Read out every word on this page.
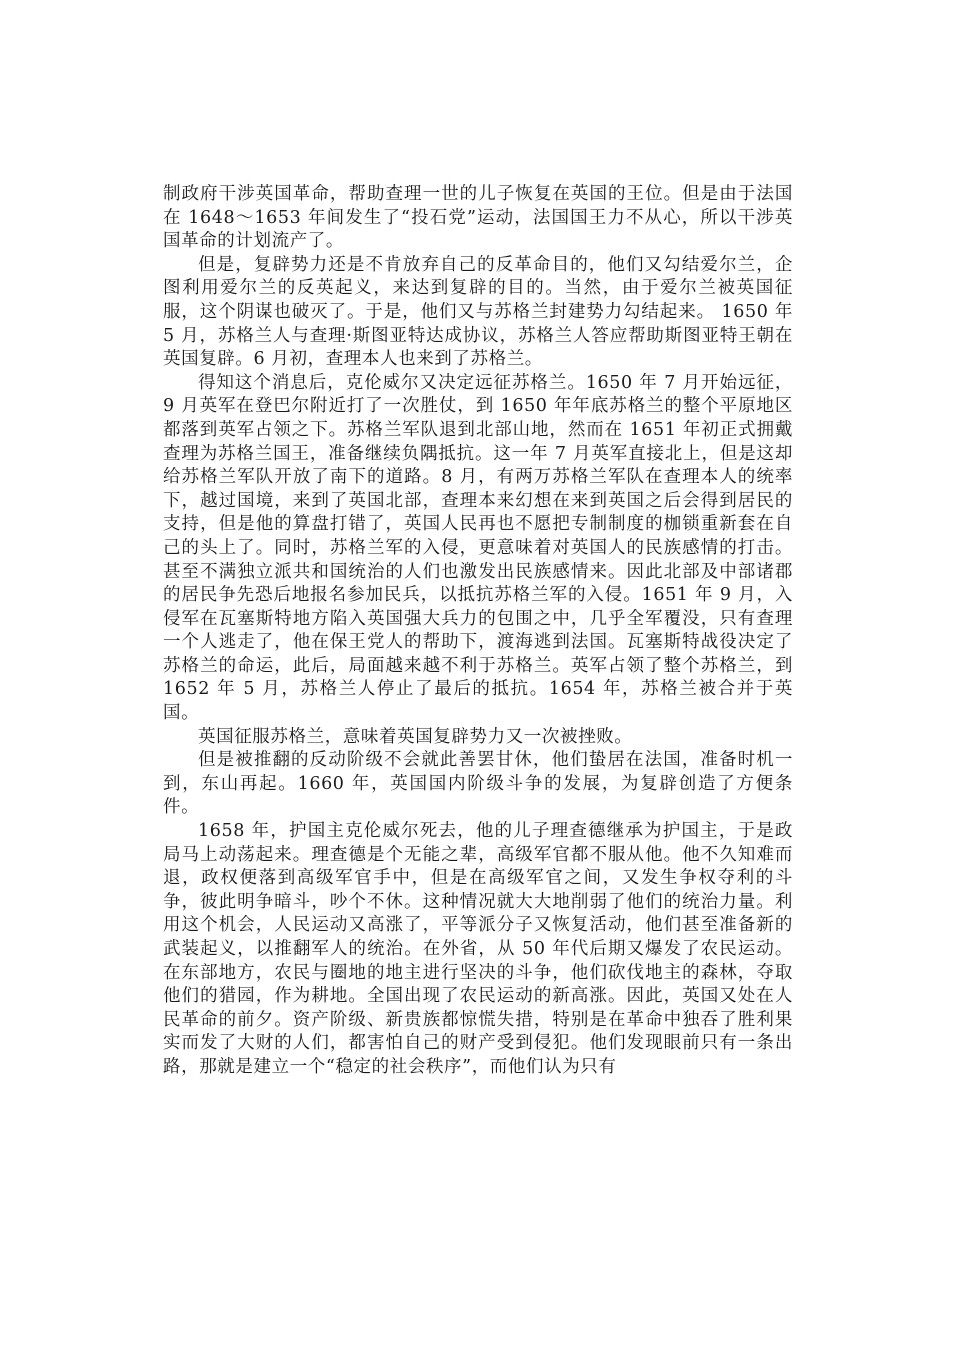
制政府干涉英国革命，帮助查理一世的儿子恢复在英国的王位。但是由于法国在 1648～1653 年间发生了“投石党”运动，法国国王力不从心，所以干涉英国革命的计划流产了。

但是，复辟势力还是不肯放弃自己的反革命目的，他们又勾结爱尔兰，企图利用爱尔兰的反英起义，来达到复辟的目的。当然，由于爱尔兰被英国征服，这个阴谋也破灭了。于是，他们又与苏格兰封建势力勾结起来。 1650 年 5 月，苏格兰人与查理·斯图亚特达成协议，苏格兰人答应帮助斯图亚特王朝在英国复辟。6 月初，查理本人也来到了苏格兰。

得知这个消息后，克伦威尔又决定远征苏格兰。1650 年 7 月开始远征，9 月英军在登巴尔附近打了一次胜仗，到 1650 年年底苏格兰的整个平原地区都落到英军占领之下。苏格兰军队退到北部山地，然而在 1651 年初正式拥戴查理为苏格兰国王，准备继续负隅抵抗。这一年 7 月英军直接北上，但是这却给苏格兰军队开放了南下的道路。8 月，有两万苏格兰军队在查理本人的统率下，越过国境，来到了英国北部，查理本来幻想在来到英国之后会得到居民的支持，但是他的算盘打错了，英国人民再也不愿把专制制度的枷锁重新套在自己的头上了。同时，苏格兰军的入侵，更意味着对英国人的民族感情的打击。甚至不满独立派共和国统治的人们也激发出民族感情来。因此北部及中部诸郡的居民争先恐后地报名参加民兵，以抵抗苏格兰军的入侵。1651 年 9 月，入侵军在瓦塞斯特地方陷入英国强大兵力的包围之中，几乎全军覆没，只有查理一个人逃走了，他在保王党人的帮助下，渡海逃到法国。瓦塞斯特战役决定了苏格兰的命运，此后，局面越来越不利于苏格兰。英军占领了整个苏格兰，到 1652 年 5 月，苏格兰人停止了最后的抵抗。1654 年，苏格兰被合并于英国。

英国征服苏格兰，意味着英国复辟势力又一次被挫败。

但是被推翻的反动阶级不会就此善罢甘休，他们蛰居在法国，准备时机一到，东山再起。1660 年，英国国内阶级斗争的发展，为复辟创造了方便条件。

1658 年，护国主克伦威尔死去，他的儿子理查德继承为护国主，于是政局马上动荡起来。理查德是个无能之辈，高级军官都不服从他。他不久知难而退，政权便落到高级军官手中，但是在高级军官之间，又发生争权夺利的斗争，彼此明争暗斗，吵个不休。这种情况就大大地削弱了他们的统治力量。利用这个机会，人民运动又高涨了，平等派分子又恢复活动，他们甚至准备新的武装起义，以推翻军人的统治。在外省，从 50 年代后期又爆发了农民运动。在东部地方，农民与圈地的地主进行坚决的斗争，他们砍伐地主的森林，夺取他们的猎园，作为耕地。全国出现了农民运动的新高涨。因此，英国又处在人民革命的前夕。资产阶级、新贵族都惊慌失措，特别是在革命中独吞了胜利果实而发了大财的人们，都害怕自己的财产受到侵犯。他们发现眼前只有一条出路，那就是建立一个“稳定的社会秩序”，而他们认为只有
